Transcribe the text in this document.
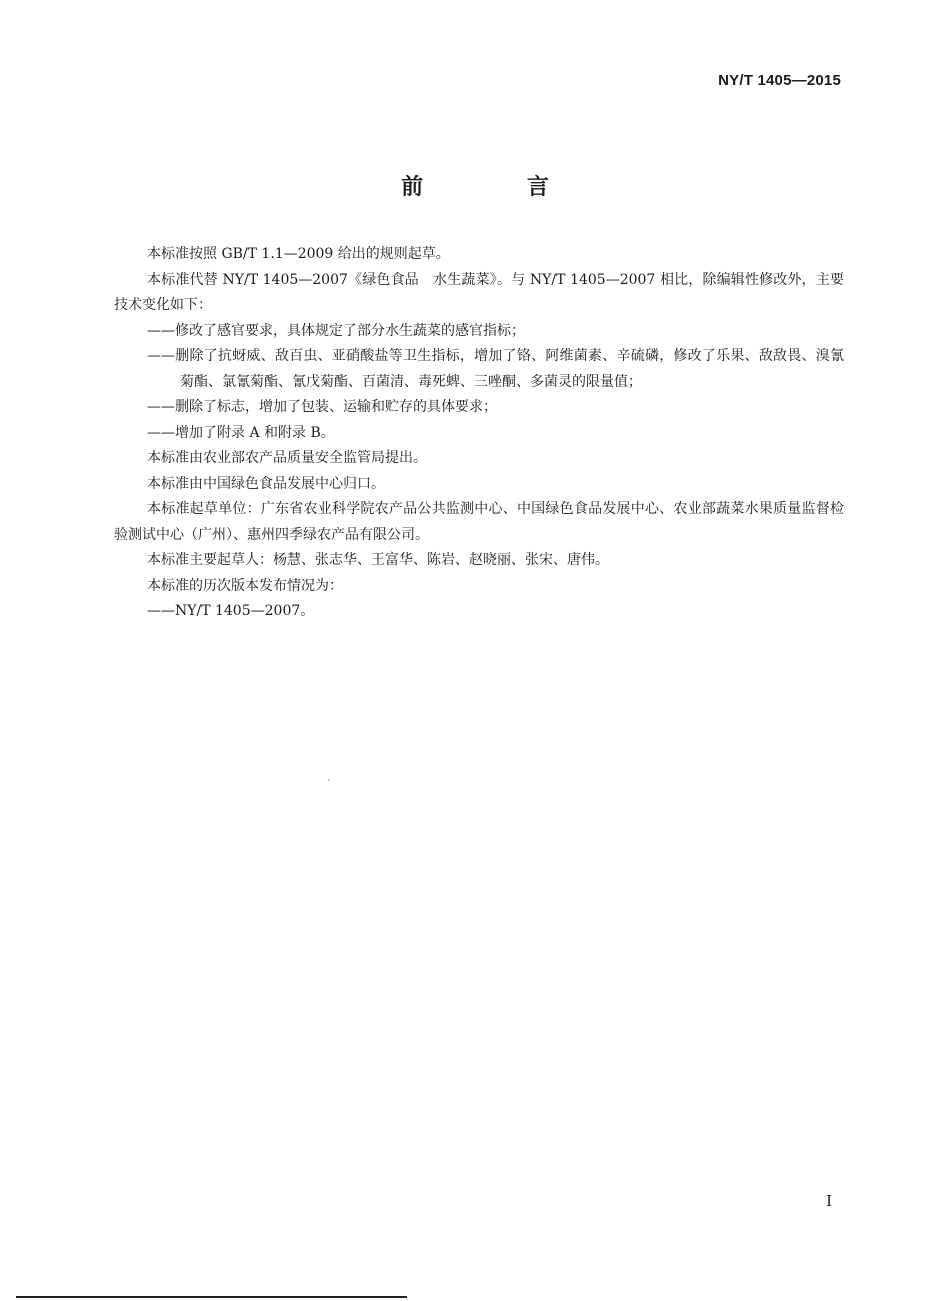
NY/T 1405—2015
前 言

本标准按照 GB/T 1.1—2009 给出的规则起草。

本标准代替 NY/T 1405—2007《绿色食品　水生蔬菜》。与 NY/T 1405—2007 相比，除编辑性修改外，主要技术变化如下：

——修改了感官要求，具体规定了部分水生蔬菜的感官指标；

——删除了抗蚜威、敌百虫、亚硝酸盐等卫生指标，增加了铬、阿维菌素、辛硫磷，修改了乐果、敌敌畏、溴氰菊酯、氯氰菊酯、氰戊菊酯、百菌清、毒死蜱、三唑酮、多菌灵的限量值；

——删除了标志，增加了包装、运输和贮存的具体要求；

——增加了附录 A 和附录 B。

本标准由农业部农产品质量安全监管局提出。

本标准由中国绿色食品发展中心归口。

本标准起草单位：广东省农业科学院农产品公共监测中心、中国绿色食品发展中心、农业部蔬菜水果质量监督检验测试中心（广州）、惠州四季绿农产品有限公司。

本标准主要起草人：杨慧、张志华、王富华、陈岩、赵晓丽、张宋、唐伟。

本标准的历次版本发布情况为：

——NY/T 1405—2007。

I
